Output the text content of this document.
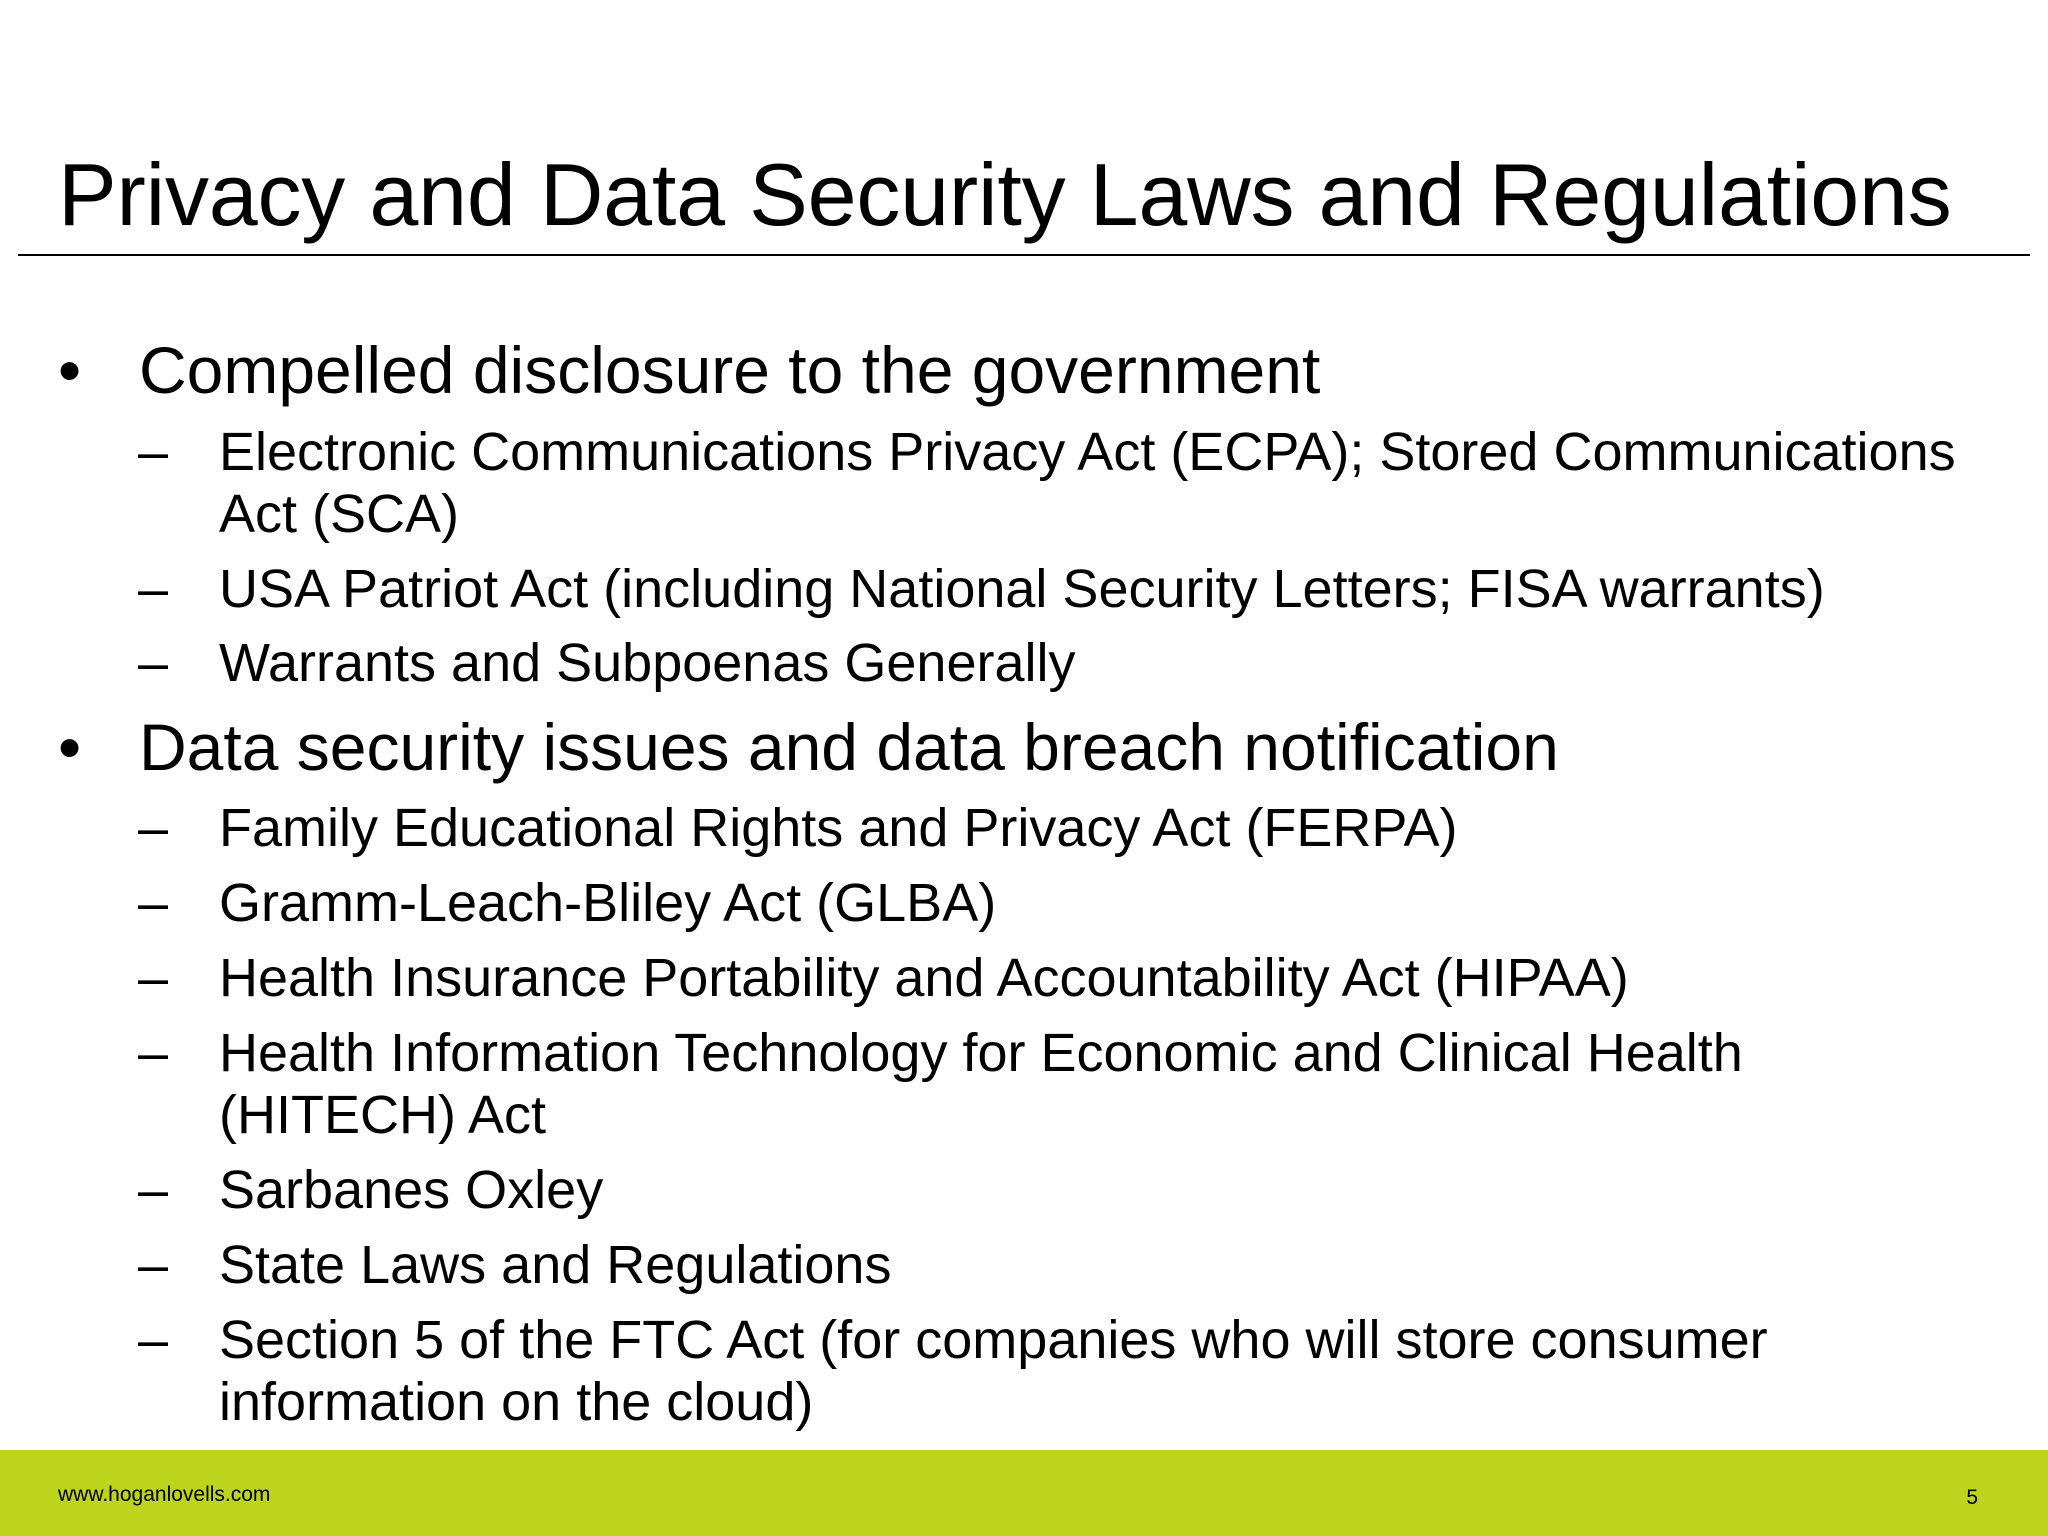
Privacy and Data Security Laws and Regulations
• Compelled disclosure to the government
– Electronic Communications Privacy Act (ECPA); Stored Communications Act (SCA)
– USA Patriot Act (including National Security Letters; FISA warrants)
– Warrants and Subpoenas Generally
• Data security issues and data breach notification
– Family Educational Rights and Privacy Act (FERPA)
– Gramm-Leach-Bliley Act (GLBA)
– Health Insurance Portability and Accountability Act (HIPAA)
– Health Information Technology for Economic and Clinical Health (HITECH) Act
– Sarbanes Oxley
– State Laws and Regulations
– Section 5 of the FTC Act (for companies who will store consumer information on the cloud)
www.hoganlovells.com	5
